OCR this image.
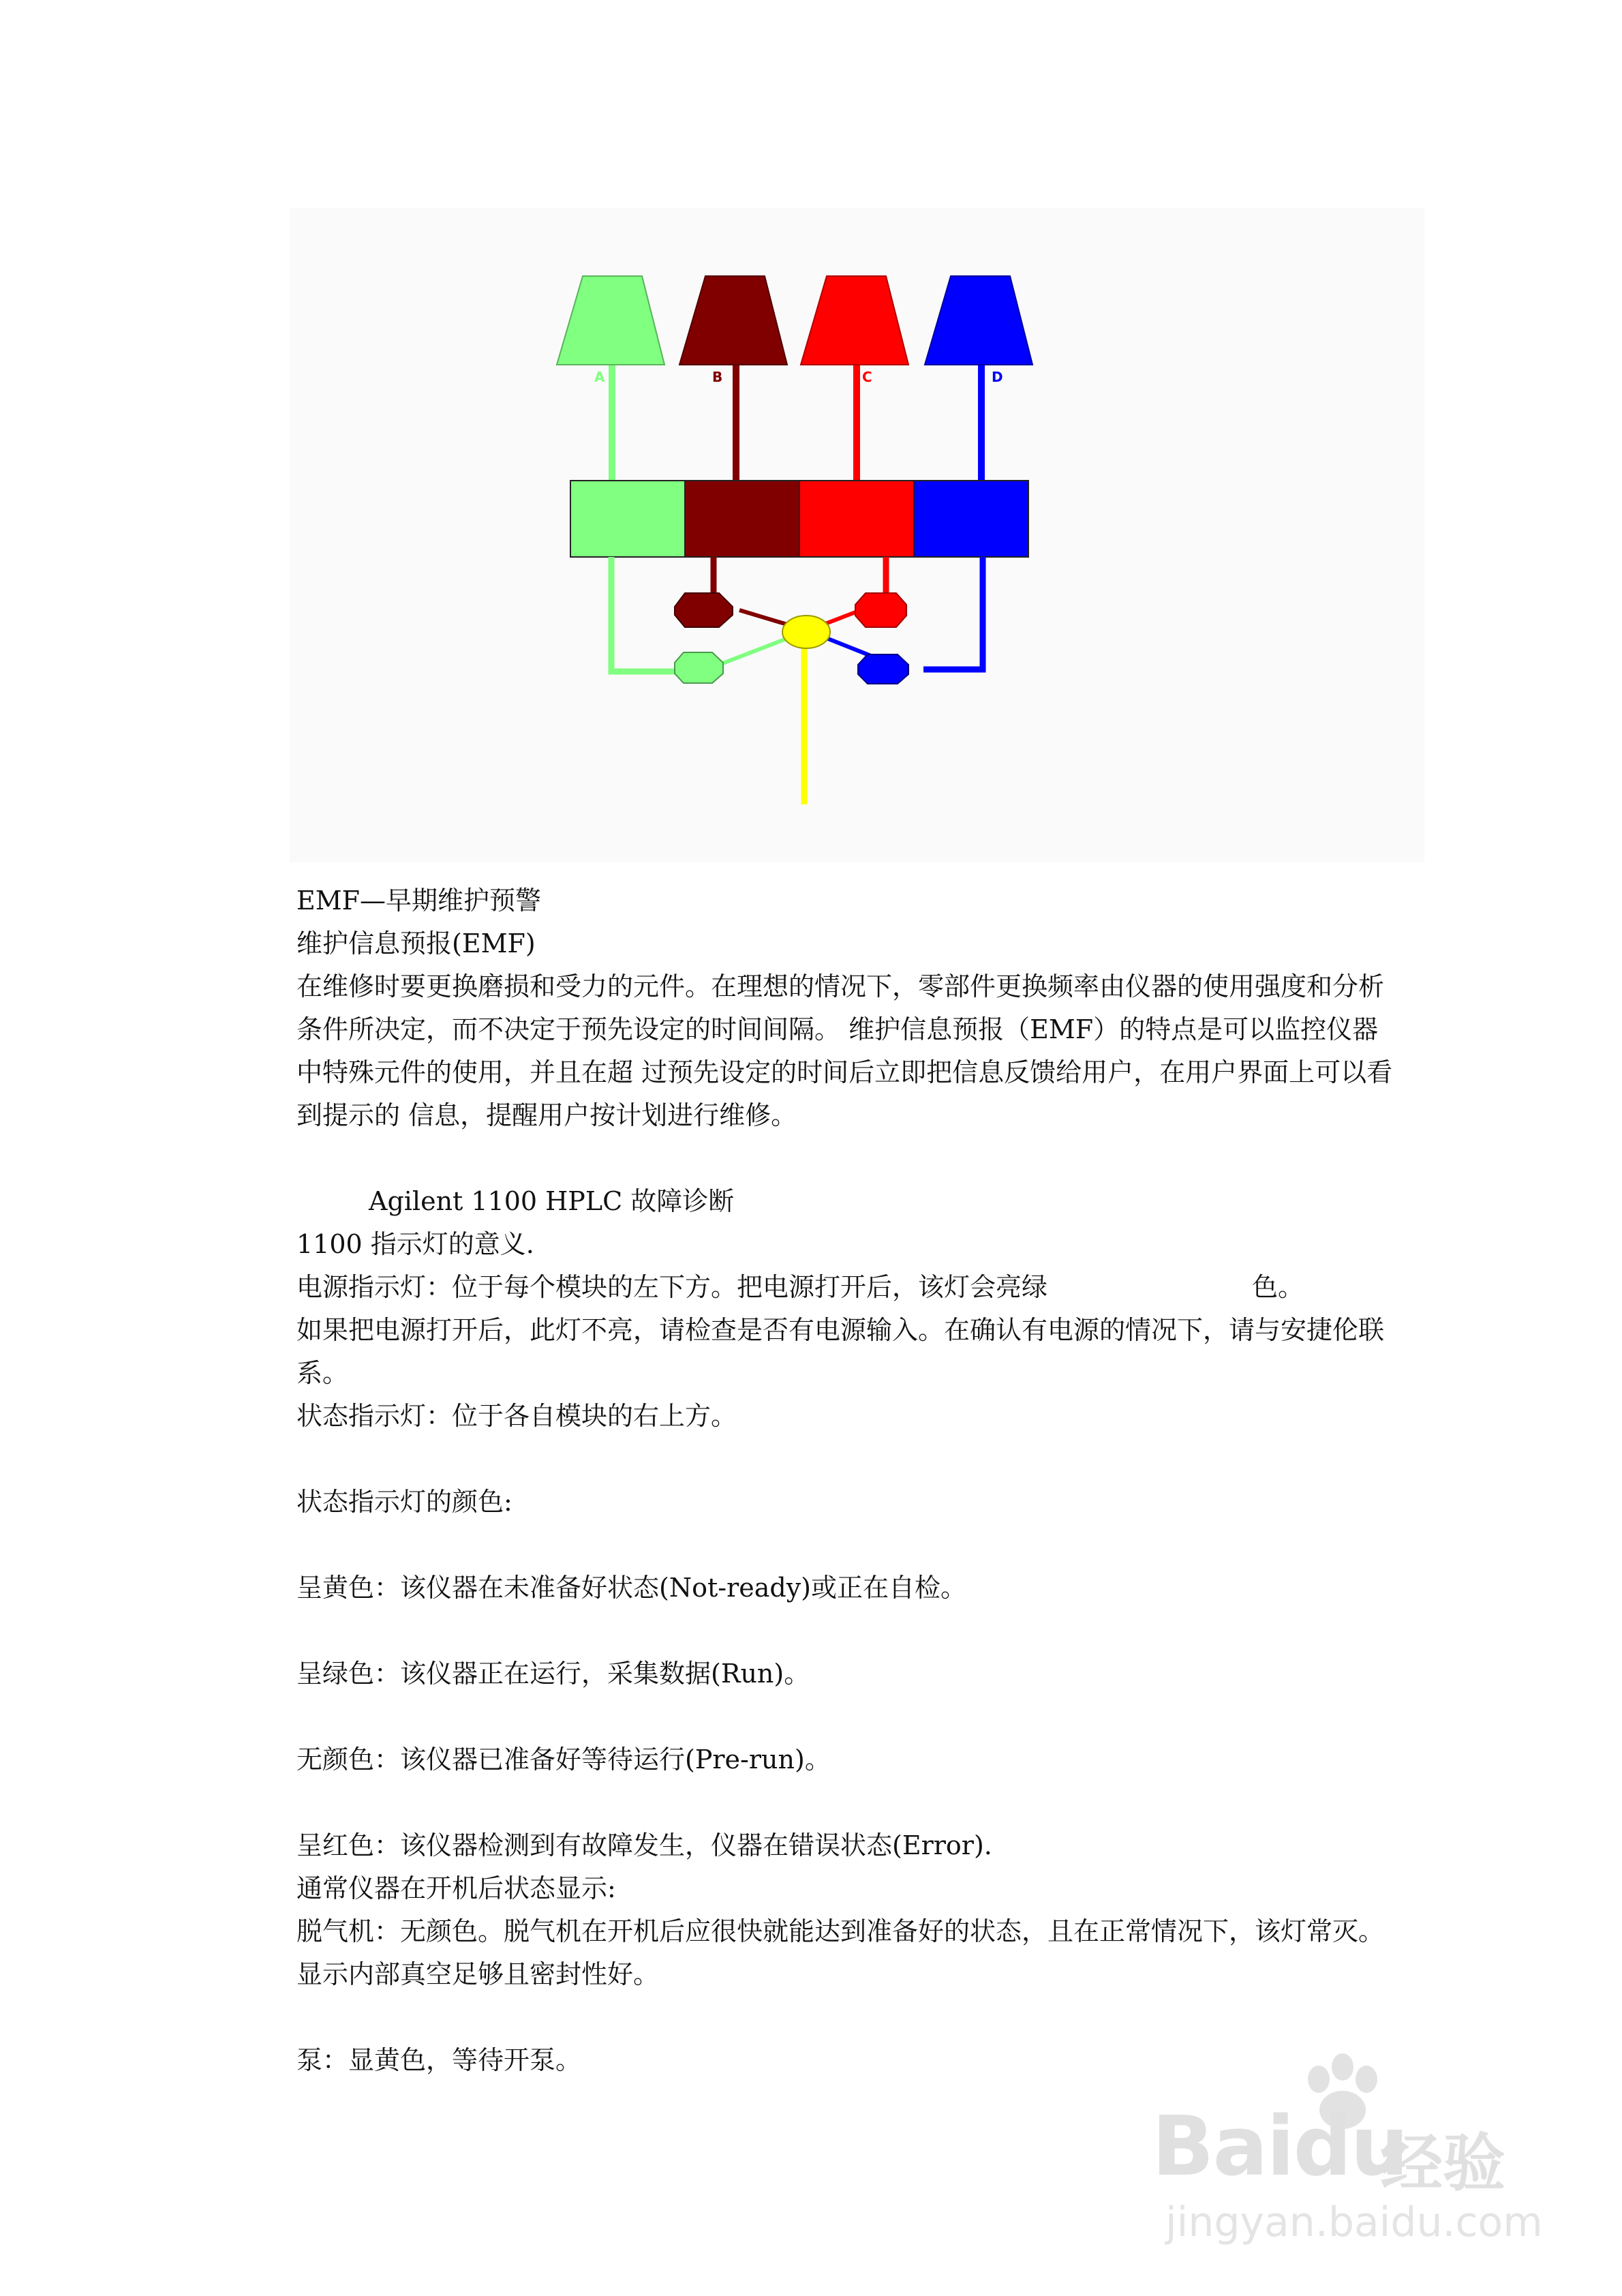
A	B	C	D

EMF—早期维护预警

维护信息预报(EMF)

在维修时要更换磨损和受力的元件。在理想的情况下，零部件更换频率由仪器的使用强度和分析条件所决定，而不决定于预先设定的时间间隔。 维护信息预报（EMF）的特点是可以监控仪器中特殊元件的使用，并且在超 过预先设定的时间后立即把信息反馈给用户，在用户界面上可以看到提示的 信息，提醒用户按计划进行维修。

Agilent 1100 HPLC 故障诊断

1100 指示灯的意义.

电源指示灯：位于每个模块的左下方。把电源打开后，该灯会亮绿	色。

如果把电源打开后，此灯不亮，请检查是否有电源输入。在确认有电源的情况下，请与安捷伦联系。

状态指示灯：位于各自模块的右上方。

状态指示灯的颜色:

呈黄色：该仪器在未准备好状态(Not-ready)或正在自检。

呈绿色：该仪器正在运行，采集数据(Run)。

无颜色：该仪器已准备好等待运行(Pre-run)。

呈红色：该仪器检测到有故障发生，仪器在错误状态(Error).

通常仪器在开机后状态显示:

脱气机：无颜色。脱气机在开机后应很快就能达到准备好的状态，且在正常情况下，该灯常灭。显示内部真空足够且密封性好。

泵：显黄色，等待开泵。

Baidu
经验
jingyan.baidu.com
